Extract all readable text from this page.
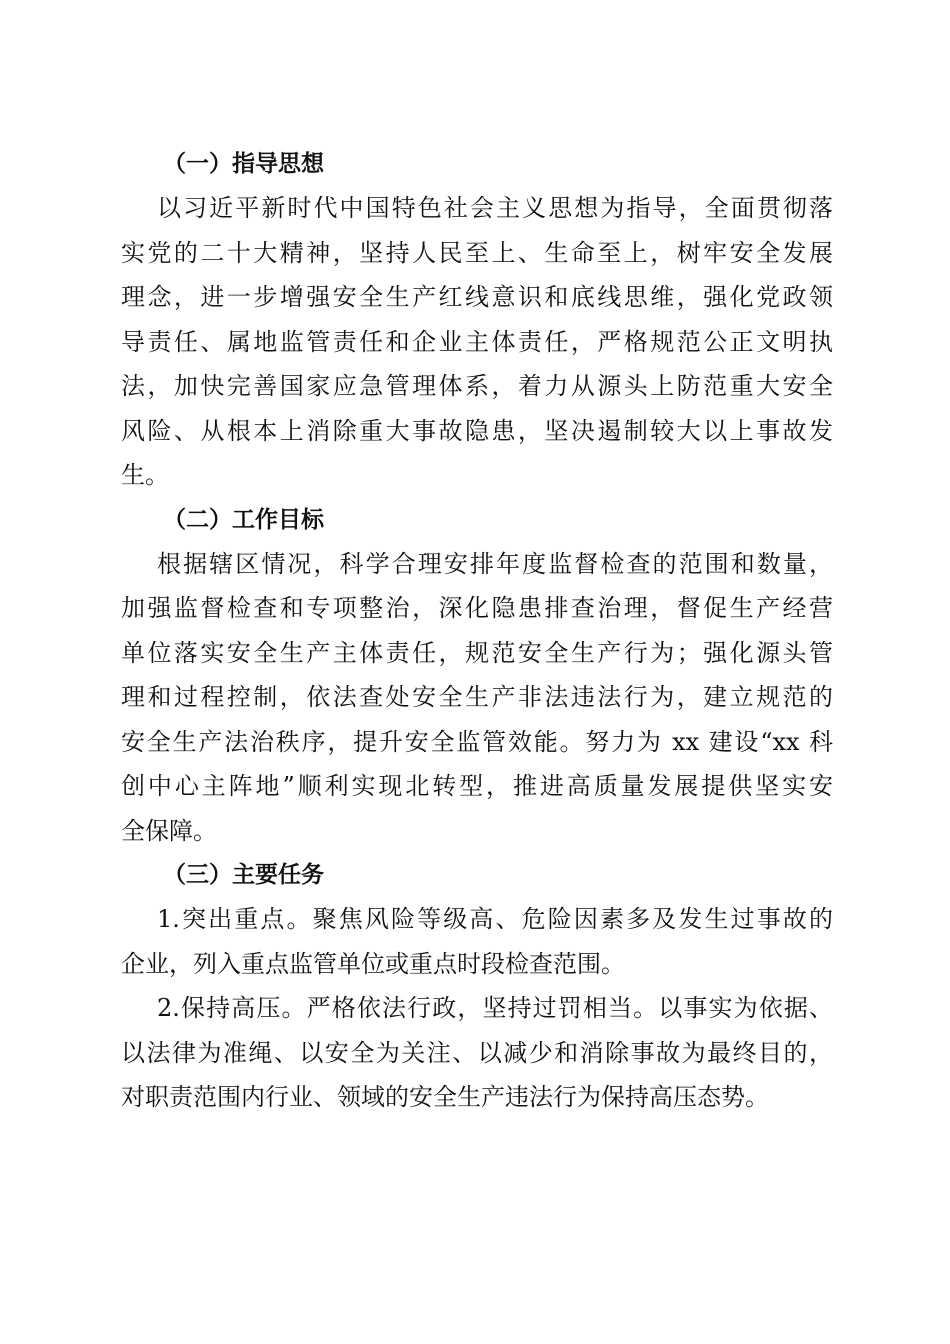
（一）指导思想

以习近平新时代中国特色社会主义思想为指导，全面贯彻落

实党的二十大精神，坚持人民至上、生命至上，树牢安全发展

理念，进一步增强安全生产红线意识和底线思维，强化党政领

导责任、属地监管责任和企业主体责任，严格规范公正文明执

法，加快完善国家应急管理体系，着力从源头上防范重大安全

风险、从根本上消除重大事故隐患，坚决遏制较大以上事故发

生。

（二）工作目标

根据辖区情况，科学合理安排年度监督检查的范围和数量，

加强监督检查和专项整治，深化隐患排查治理，督促生产经营

单位落实安全生产主体责任，规范安全生产行为；强化源头管

理和过程控制，依法查处安全生产非法违法行为，建立规范的

安全生产法治秩序，提升安全监管效能。努力为 xx 建设“xx 科

创中心主阵地”顺利实现北转型，推进高质量发展提供坚实安

全保障。

（三）主要任务

1.突出重点。聚焦风险等级高、危险因素多及发生过事故的

企业，列入重点监管单位或重点时段检查范围。

2.保持高压。严格依法行政，坚持过罚相当。以事实为依据、

以法律为准绳、以安全为关注、以减少和消除事故为最终目的，

对职责范围内行业、领域的安全生产违法行为保持高压态势。
